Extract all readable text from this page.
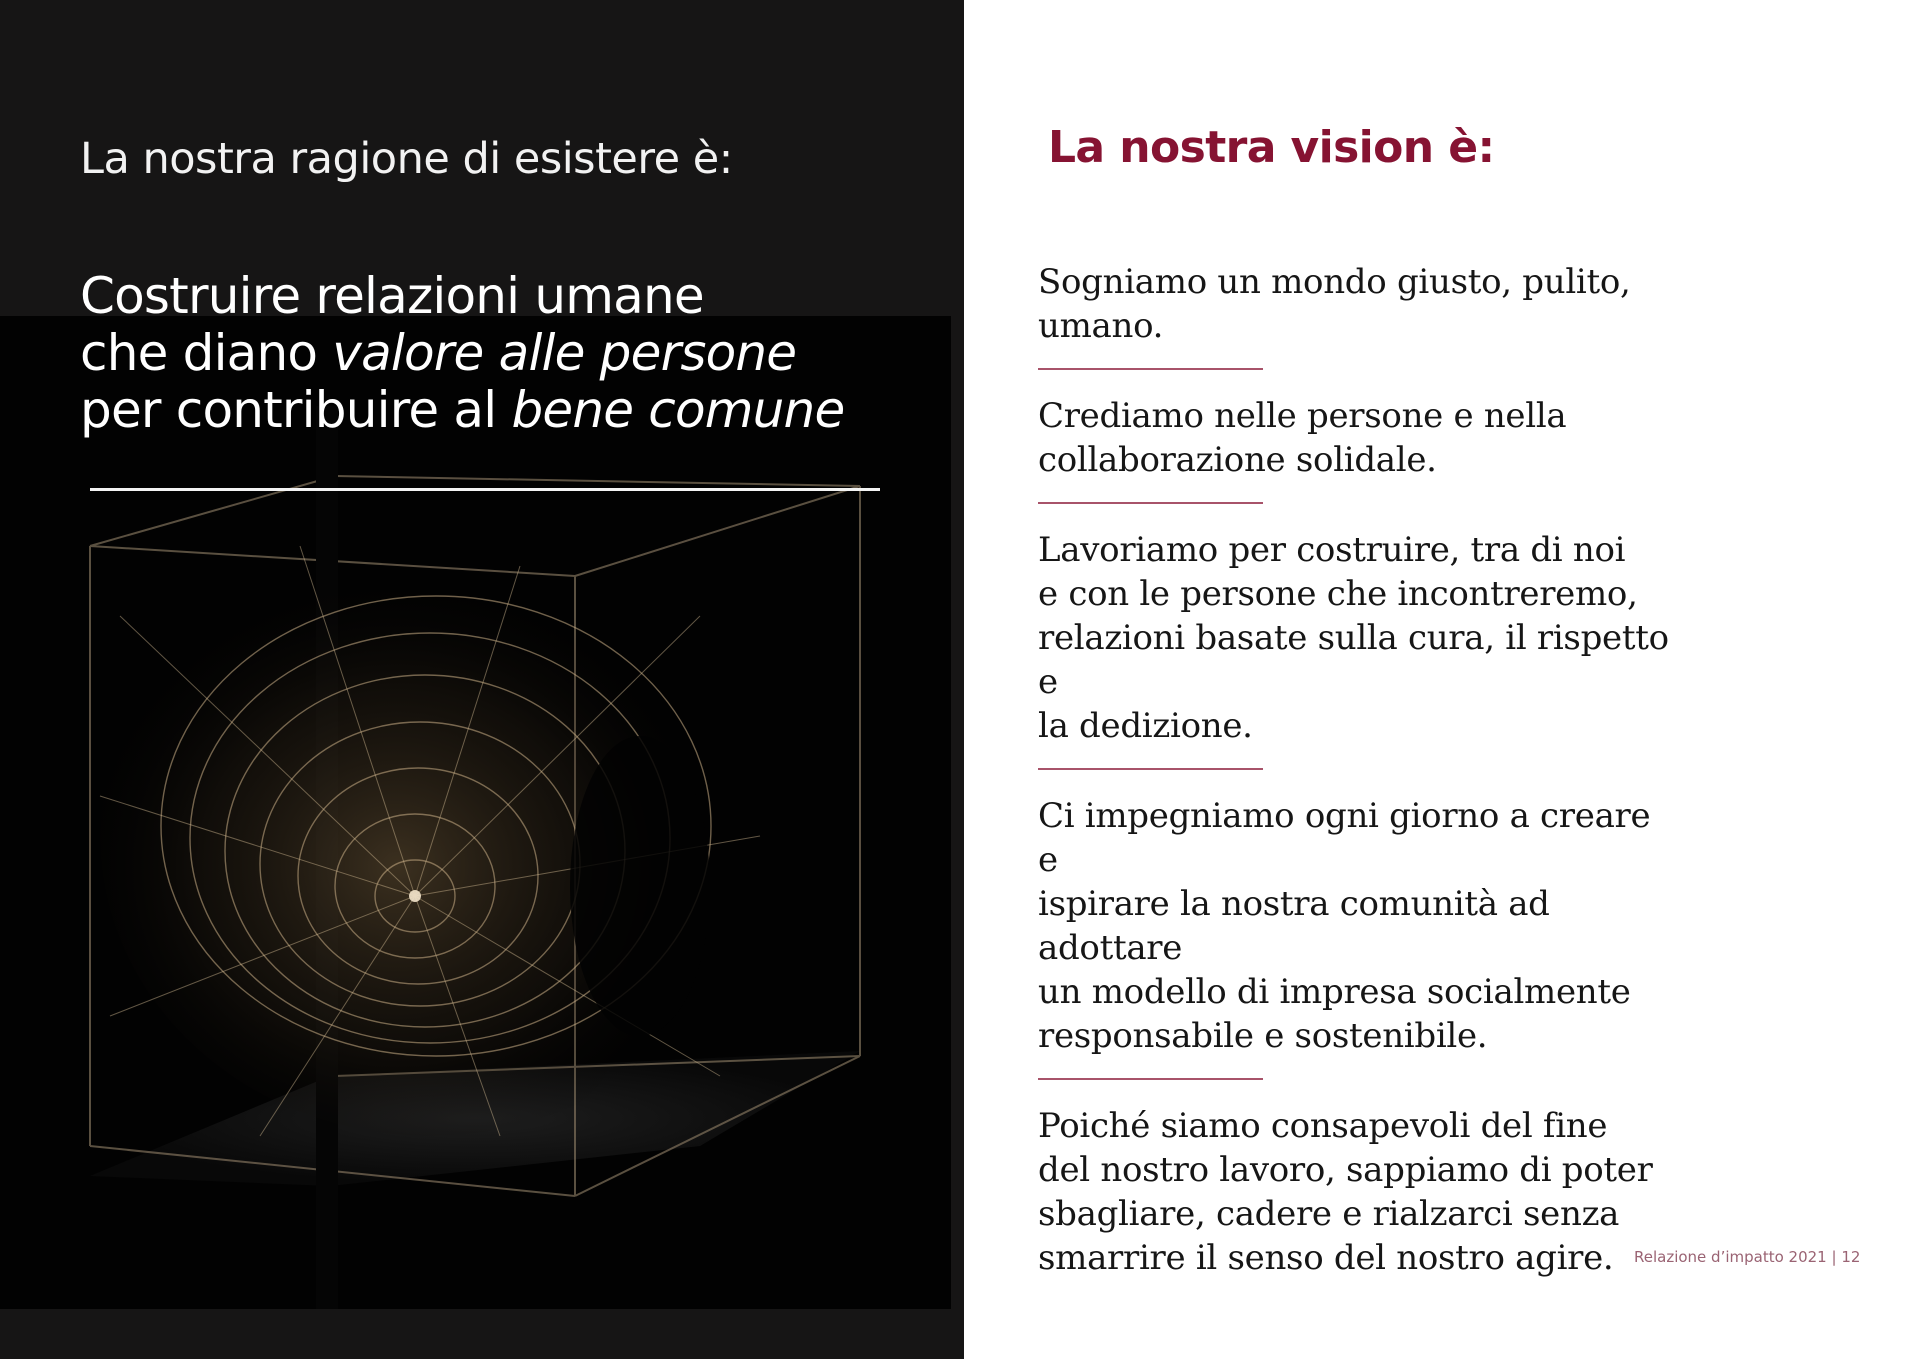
La nostra ragione di esistere è:
Costruire relazioni umane
che diano valore alle persone
per contribuire al bene comune
La nostra vision è:

Sogniamo un mondo giusto, pulito,
umano.

Crediamo nelle persone e nella
collaborazione solidale.

Lavoriamo per costruire, tra di noi
e con le persone che incontreremo,
relazioni basate sulla cura, il rispetto e
la dedizione.

Ci impegniamo ogni giorno a creare e
ispirare la nostra comunità ad adottare
un modello di impresa socialmente
responsabile e sostenibile.

Poiché siamo consapevoli del fine
del nostro lavoro, sappiamo di poter
sbagliare, cadere e rialzarci senza
smarrire il senso del nostro agire.	Relazione d’impatto 2021 | 12
